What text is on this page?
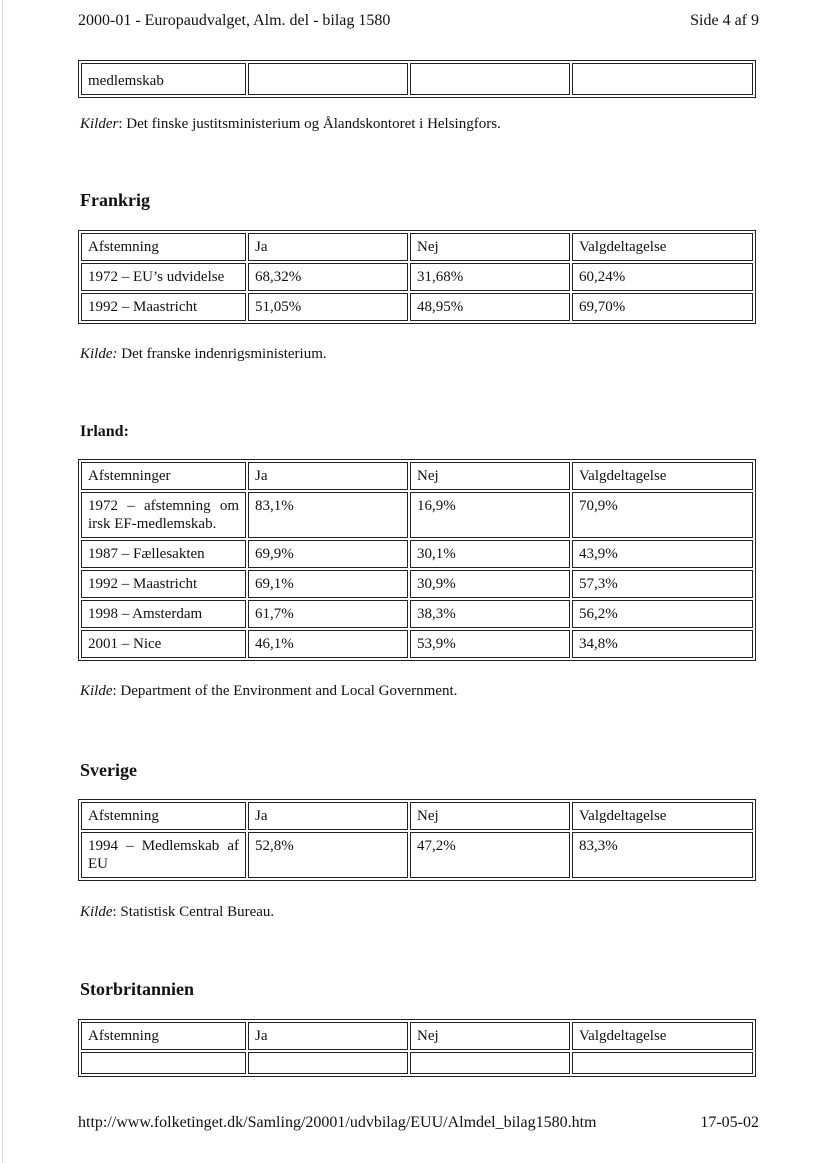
2000-01 - Europaudvalget, Alm. del - bilag 1580	Side 4 af 9
medlemskab			
Kilder: Det finske justitsministerium og Ålandskontoret i Helsingfors.
Frankrig
Afstemning	Ja	Nej	Valgdeltagelse
1972 – EU’s udvidelse	68,32%	31,68%	60,24%
1992 – Maastricht	51,05%	48,95%	69,70%
Kilde: Det franske indenrigsministerium.
Irland:
Afstemninger	Ja	Nej	Valgdeltagelse
1972 – afstemning om irsk EF-medlemskab.	83,1%	16,9%	70,9%
1987 – Fællesakten	69,9%	30,1%	43,9%
1992 – Maastricht	69,1%	30,9%	57,3%
1998 – Amsterdam	61,7%	38,3%	56,2%
2001 – Nice	46,1%	53,9%	34,8%
Kilde: Department of the Environment and Local Government.
Sverige
Afstemning	Ja	Nej	Valgdeltagelse
1994 – Medlemskab af EU	52,8%	47,2%	83,3%
Kilde: Statistisk Central Bureau.
Storbritannien
Afstemning	Ja	Nej	Valgdeltagelse

http://www.folketinget.dk/Samling/20001/udvbilag/EUU/Almdel_bilag1580.htm	17-05-02
